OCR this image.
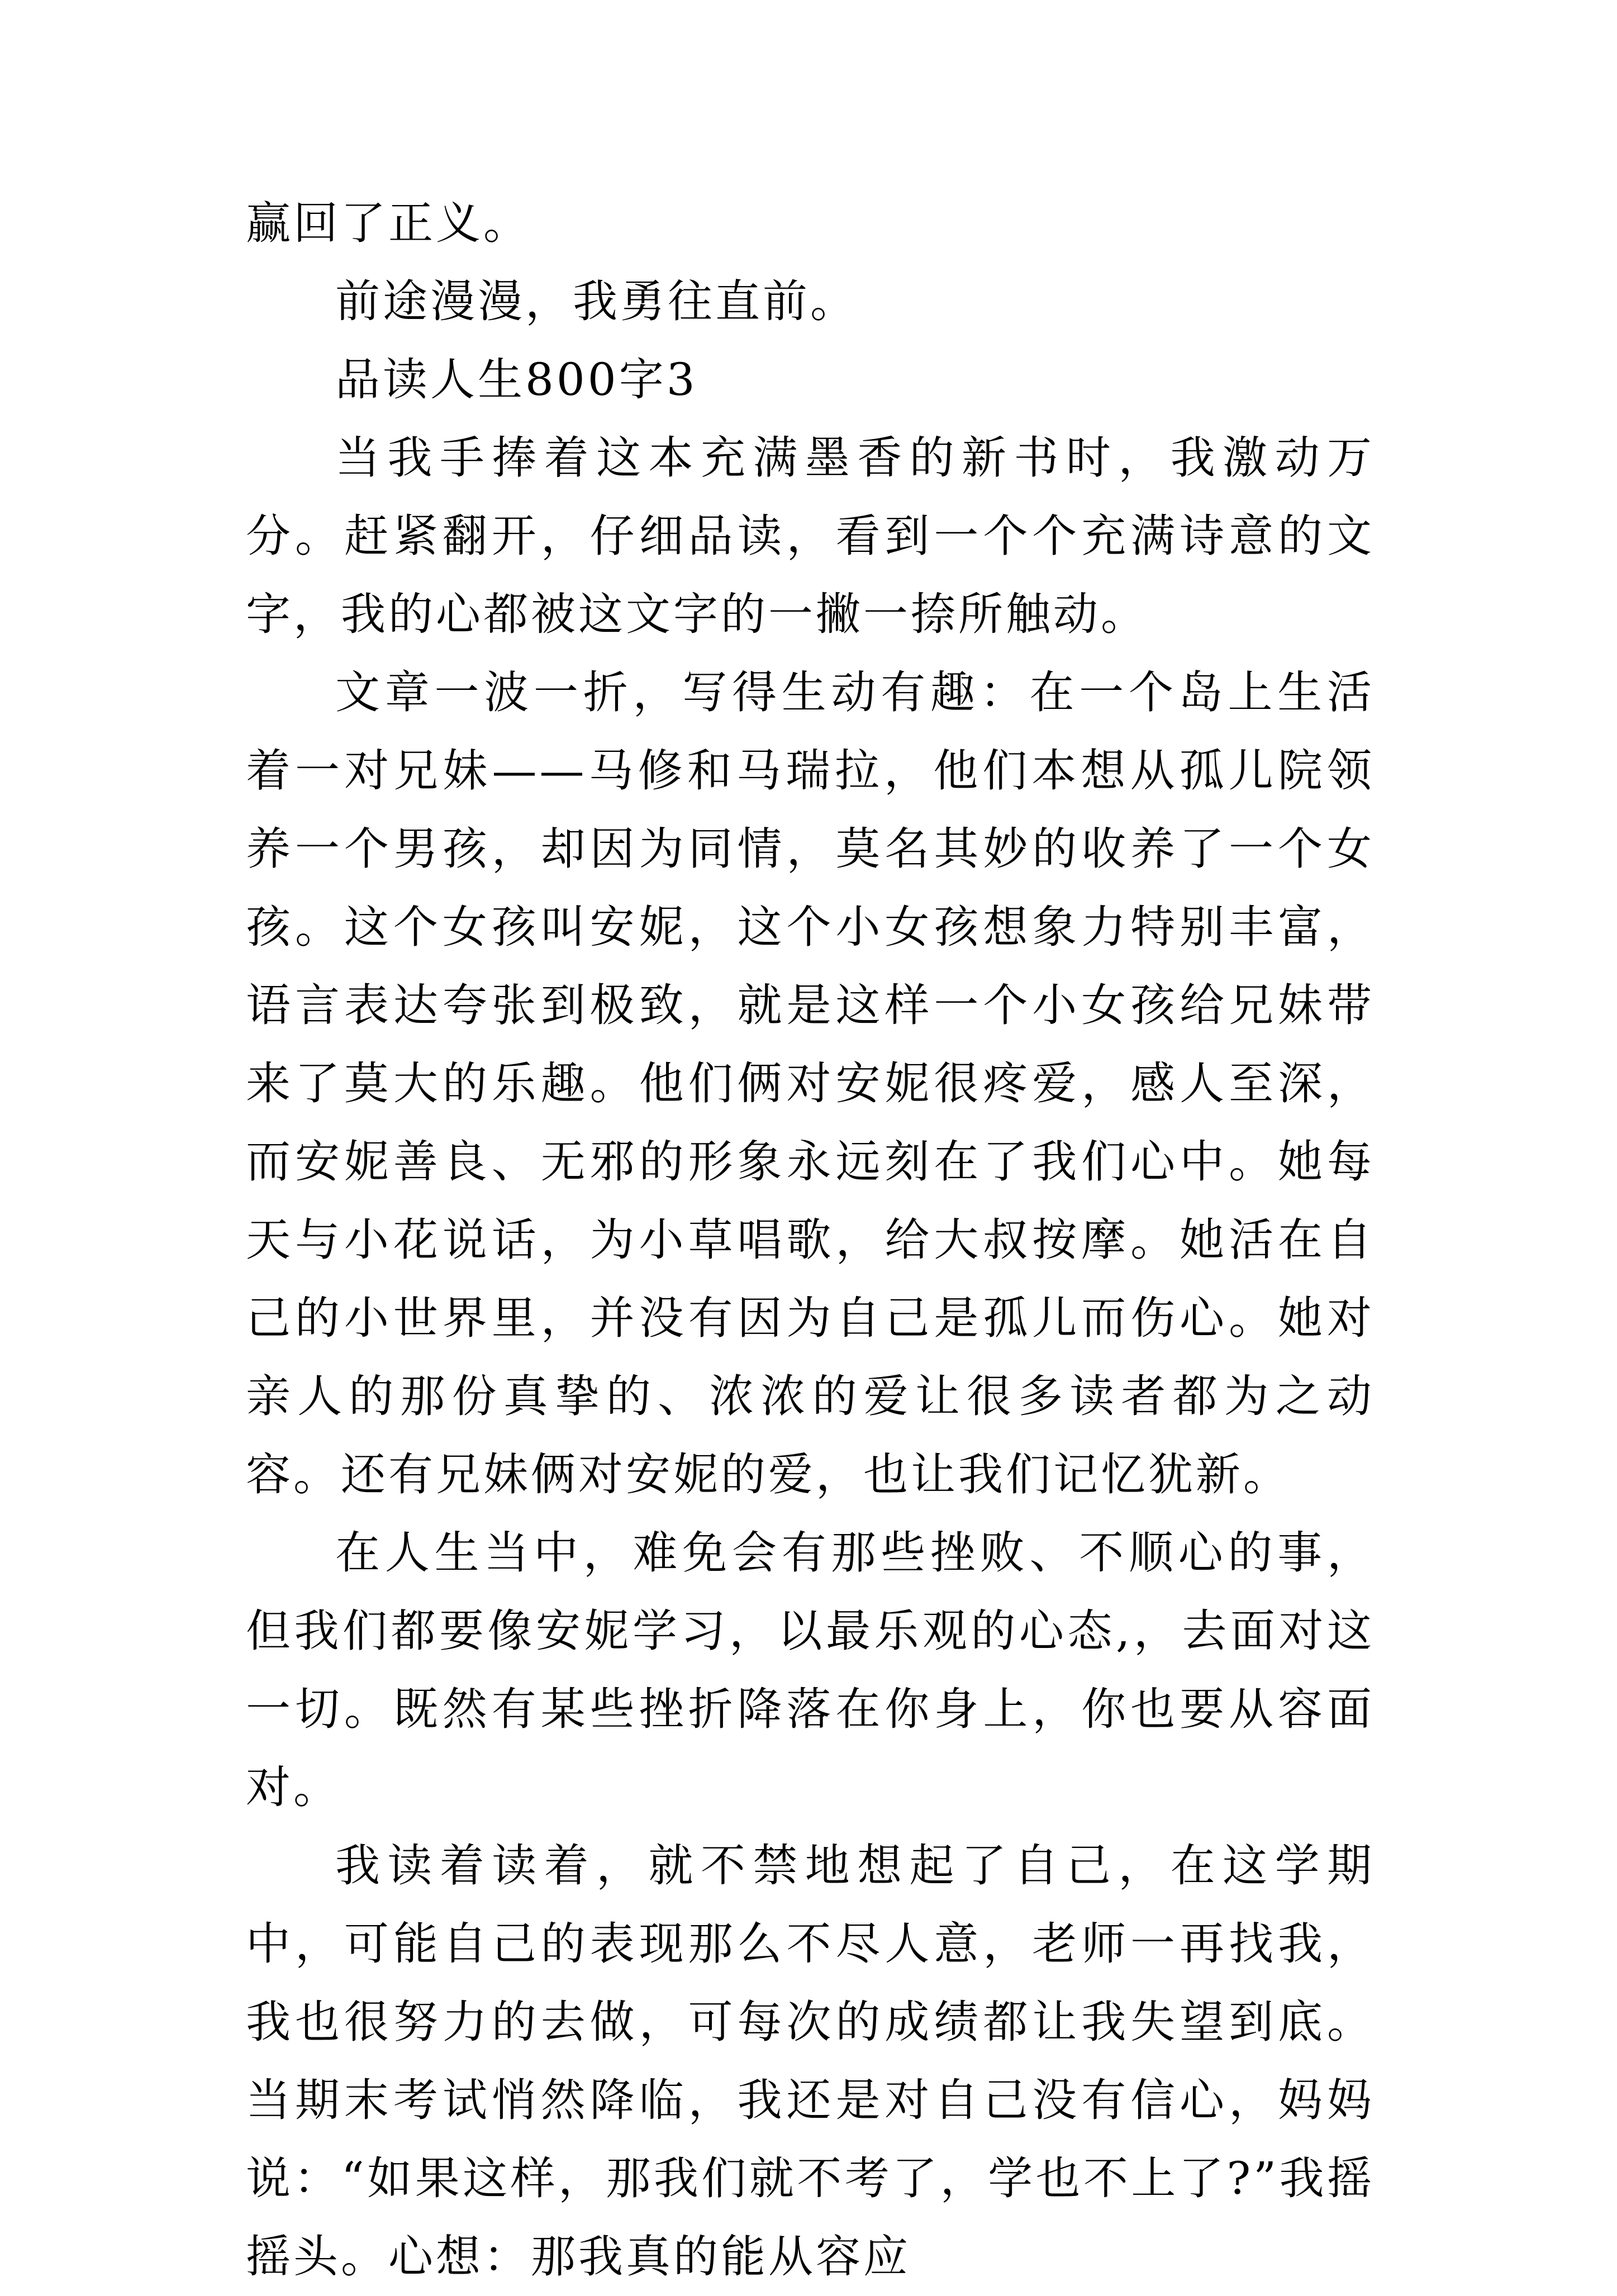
赢回了正义。

前途漫漫，我勇往直前。

品读人生800字3

当我手捧着这本充满墨香的新书时，我激动万分。赶紧翻开，仔细品读，看到一个个充满诗意的文字，我的心都被这文字的一撇一捺所触动。

文章一波一折，写得生动有趣：在一个岛上生活着一对兄妹——马修和马瑞拉，他们本想从孤儿院领养一个男孩，却因为同情，莫名其妙的收养了一个女孩。这个女孩叫安妮，这个小女孩想象力特别丰富，语言表达夸张到极致，就是这样一个小女孩给兄妹带来了莫大的乐趣。他们俩对安妮很疼爱，感人至深，而安妮善良、无邪的形象永远刻在了我们心中。她每天与小花说话，为小草唱歌，给大叔按摩。她活在自己的小世界里，并没有因为自己是孤儿而伤心。她对亲人的那份真挚的、浓浓的爱让很多读者都为之动容。还有兄妹俩对安妮的爱，也让我们记忆犹新。

在人生当中，难免会有那些挫败、不顺心的事，但我们都要像安妮学习，以最乐观的心态,，去面对这一切。既然有某些挫折降落在你身上，你也要从容面对。

我读着读着，就不禁地想起了自己，在这学期中，可能自己的表现那么不尽人意，老师一再找我，我也很努力的去做，可每次的成绩都让我失望到底。当期末考试悄然降临，我还是对自己没有信心，妈妈说：“如果这样，那我们就不考了，学也不上了?”我摇摇头。心想：那我真的能从容应
